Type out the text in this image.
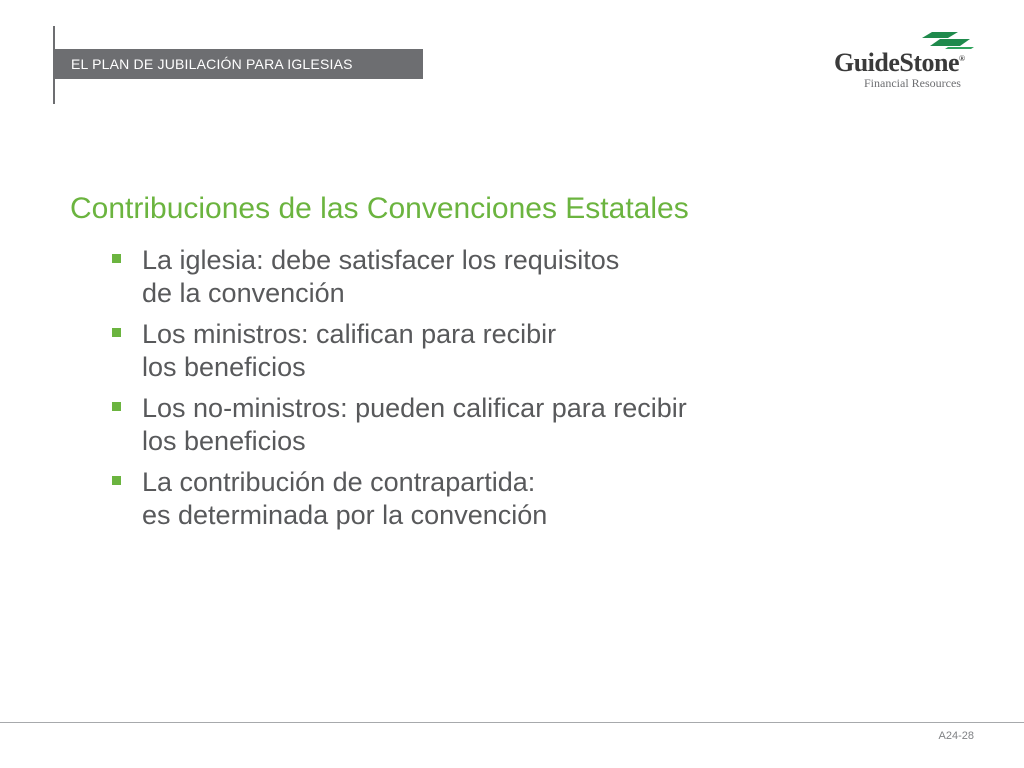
EL PLAN DE JUBILACIÓN PARA IGLESIAS	GuideStone®
Financial Resources
Contribuciones de las Convenciones Estatales
La iglesia: debe satisfacer los requisitos
de la convención
Los ministros: califican para recibir
los beneficios
Los no-ministros: pueden calificar para recibir
los beneficios
La contribución de contrapartida:
es determinada por la convención
A24-28
